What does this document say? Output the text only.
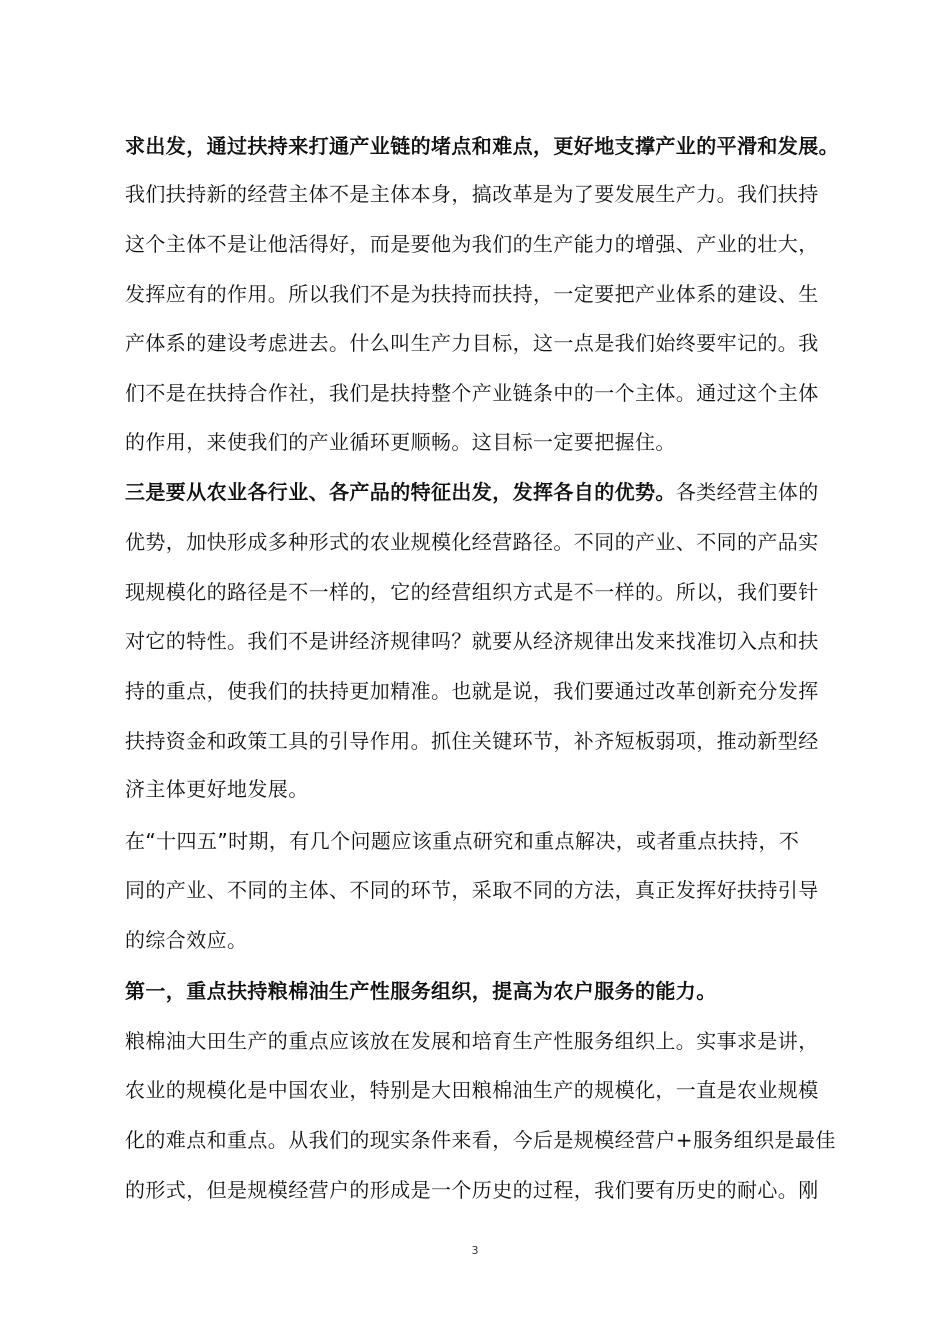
求出发，通过扶持来打通产业链的堵点和难点，更好地支撑产业的平滑和发展。
我们扶持新的经营主体不是主体本身，搞改革是为了要发展生产力。我们扶持
这个主体不是让他活得好，而是要他为我们的生产能力的增强、产业的壮大，
发挥应有的作用。所以我们不是为扶持而扶持，一定要把产业体系的建设、生
产体系的建设考虑进去。什么叫生产力目标，这一点是我们始终要牢记的。我
们不是在扶持合作社，我们是扶持整个产业链条中的一个主体。通过这个主体
的作用，来使我们的产业循环更顺畅。这目标一定要把握住。
三是要从农业各行业、各产品的特征出发，发挥各自的优势。各类经营主体的
优势，加快形成多种形式的农业规模化经营路径。不同的产业、不同的产品实
现规模化的路径是不一样的，它的经营组织方式是不一样的。所以，我们要针
对它的特性。我们不是讲经济规律吗？就要从经济规律出发来找准切入点和扶
持的重点，使我们的扶持更加精准。也就是说，我们要通过改革创新充分发挥
扶持资金和政策工具的引导作用。抓住关键环节，补齐短板弱项，推动新型经
济主体更好地发展。
在“十四五”时期，有几个问题应该重点研究和重点解决，或者重点扶持，不
同的产业、不同的主体、不同的环节，采取不同的方法，真正发挥好扶持引导
的综合效应。
第一，重点扶持粮棉油生产性服务组织，提高为农户服务的能力。
粮棉油大田生产的重点应该放在发展和培育生产性服务组织上。实事求是讲，
农业的规模化是中国农业，特别是大田粮棉油生产的规模化，一直是农业规模
化的难点和重点。从我们的现实条件来看，今后是规模经营户+服务组织是最佳
的形式，但是规模经营户的形成是一个历史的过程，我们要有历史的耐心。刚
3
